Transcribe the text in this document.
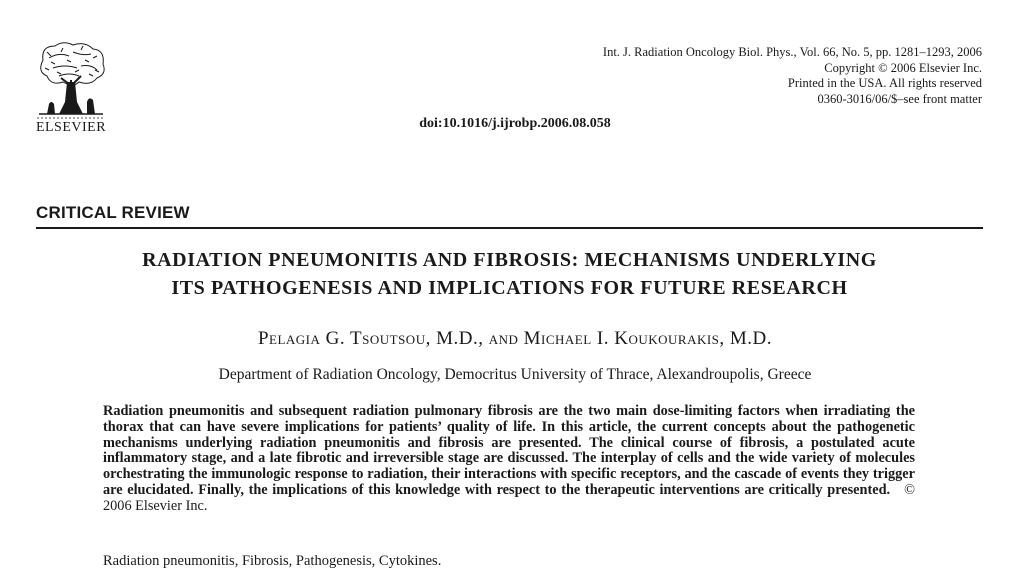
ELSEVIER
Int. J. Radiation Oncology Biol. Phys., Vol. 66, No. 5, pp. 1281–1293, 2006
Copyright © 2006 Elsevier Inc.
Printed in the USA. All rights reserved
0360-3016/06/$–see front matter
doi:10.1016/j.ijrobp.2006.08.058
CRITICAL REVIEW
RADIATION PNEUMONITIS AND FIBROSIS: MECHANISMS UNDERLYING
ITS PATHOGENESIS AND IMPLICATIONS FOR FUTURE RESEARCH
Pelagia G. Tsoutsou, M.D., and Michael I. Koukourakis, M.D.
Department of Radiation Oncology, Democritus University of Thrace, Alexandroupolis, Greece

Radiation pneumonitis and subsequent radiation pulmonary fibrosis are the two main dose-limiting factors when irradiating the thorax that can have severe implications for patients’ quality of life. In this article, the current concepts about the pathogenetic mechanisms underlying radiation pneumonitis and fibrosis are presented. The clinical course of fibrosis, a postulated acute inflammatory stage, and a late fibrotic and irreversible stage are discussed. The interplay of cells and the wide variety of molecules orchestrating the immunologic response to radiation, their interactions with specific receptors, and the cascade of events they trigger are elucidated. Finally, the implications of this knowledge with respect to the therapeutic interventions are critically presented. © 2006 Elsevier Inc.

Radiation pneumonitis, Fibrosis, Pathogenesis, Cytokines.
